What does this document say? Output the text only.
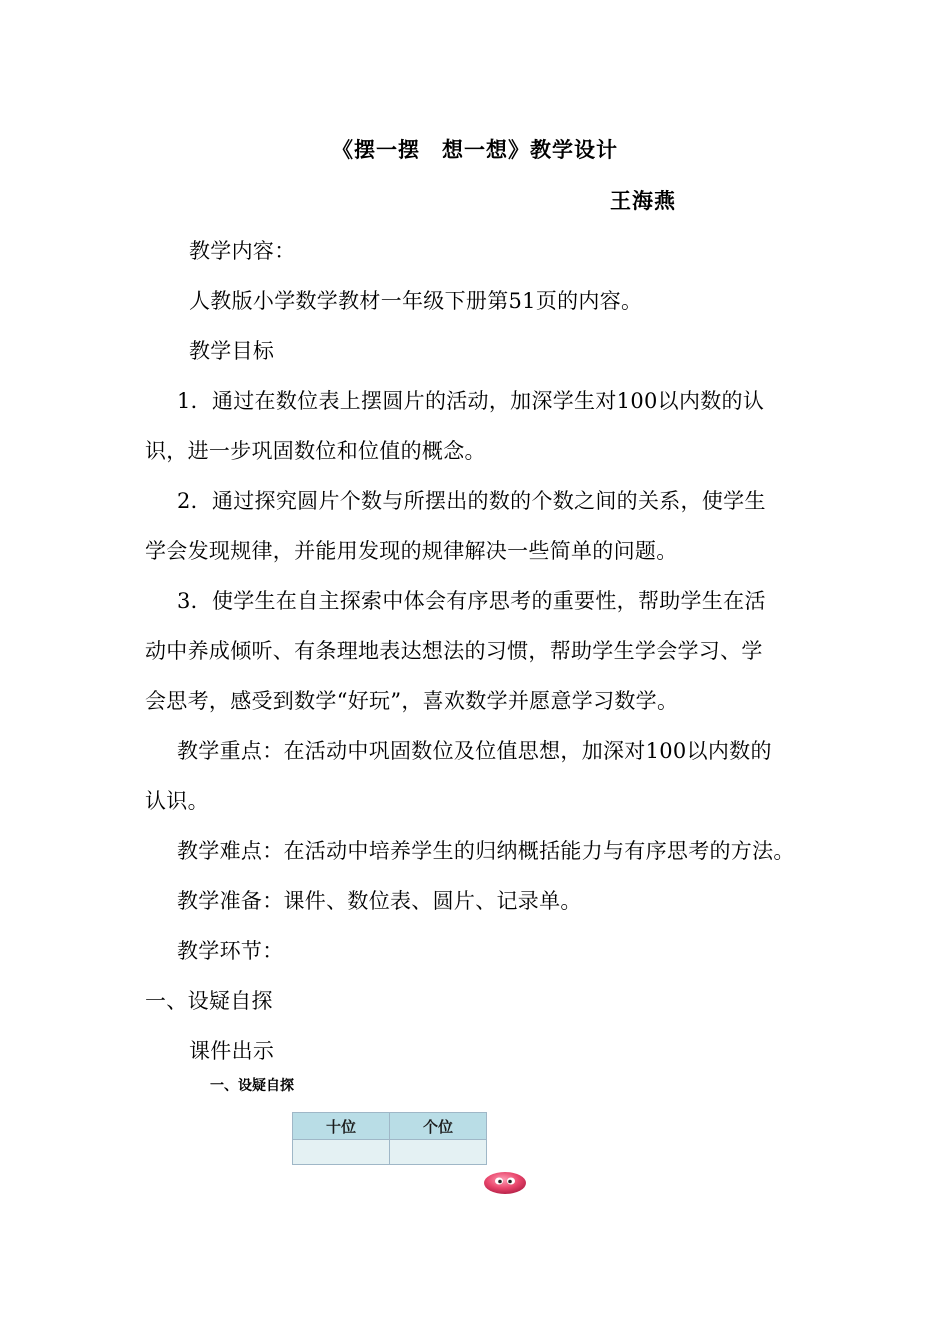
《摆一摆　想一想》教学设计
王海燕
教学内容：
人教版小学数学教材一年级下册第51页的内容。
教学目标
1．通过在数位表上摆圆片的活动，加深学生对100以内数的认
识，进一步巩固数位和位值的概念。
2．通过探究圆片个数与所摆出的数的个数之间的关系，使学生
学会发现规律，并能用发现的规律解决一些简单的问题。
3．使学生在自主探索中体会有序思考的重要性，帮助学生在活
动中养成倾听、有条理地表达想法的习惯，帮助学生学会学习、学
会思考，感受到数学“好玩”，喜欢数学并愿意学习数学。
教学重点：在活动中巩固数位及位值思想，加深对100以内数的
认识。
教学难点：在活动中培养学生的归纳概括能力与有序思考的方法。
教学准备：课件、数位表、圆片、记录单。
教学环节：
一、设疑自探
课件出示
一、设疑自探
十位	个位
